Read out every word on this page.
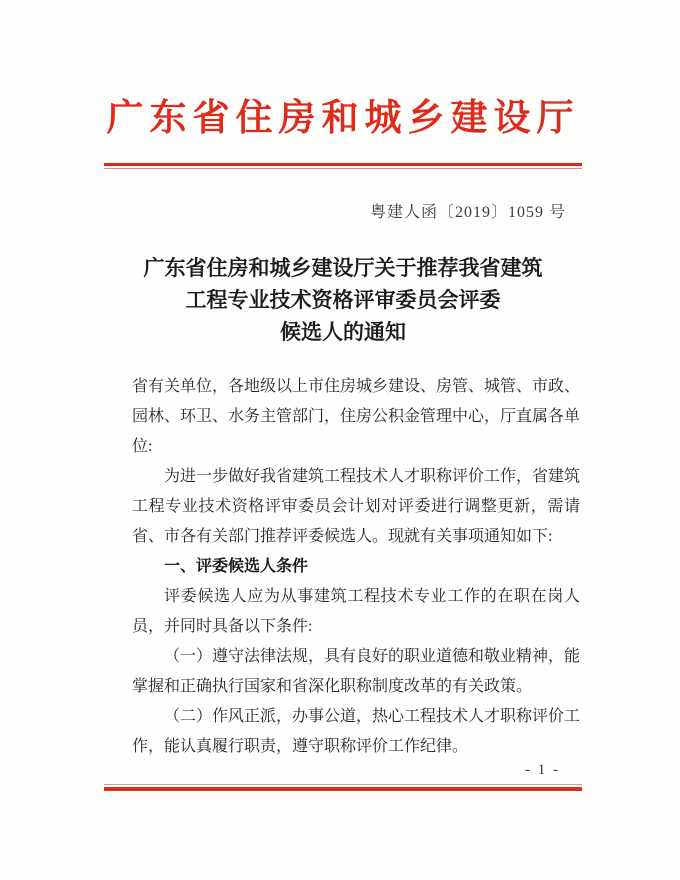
广东省住房和城乡建设厅

粤建人函〔2019〕1059 号

广东省住房和城乡建设厅关于推荐我省建筑
工程专业技术资格评审委员会评委
候选人的通知

省有关单位，各地级以上市住房城乡建设、房管、城管、市政、园林、环卫、水务主管部门，住房公积金管理中心，厅直属各单位:

为进一步做好我省建筑工程技术人才职称评价工作，省建筑工程专业技术资格评审委员会计划对评委进行调整更新，需请省、市各有关部门推荐评委候选人。现就有关事项通知如下:

一、评委候选人条件

评委候选人应为从事建筑工程技术专业工作的在职在岗人员，并同时具备以下条件:

（一）遵守法律法规，具有良好的职业道德和敬业精神，能掌握和正确执行国家和省深化职称制度改革的有关政策。

（二）作风正派，办事公道，热心工程技术人才职称评价工作，能认真履行职责，遵守职称评价工作纪律。

- 1 -
